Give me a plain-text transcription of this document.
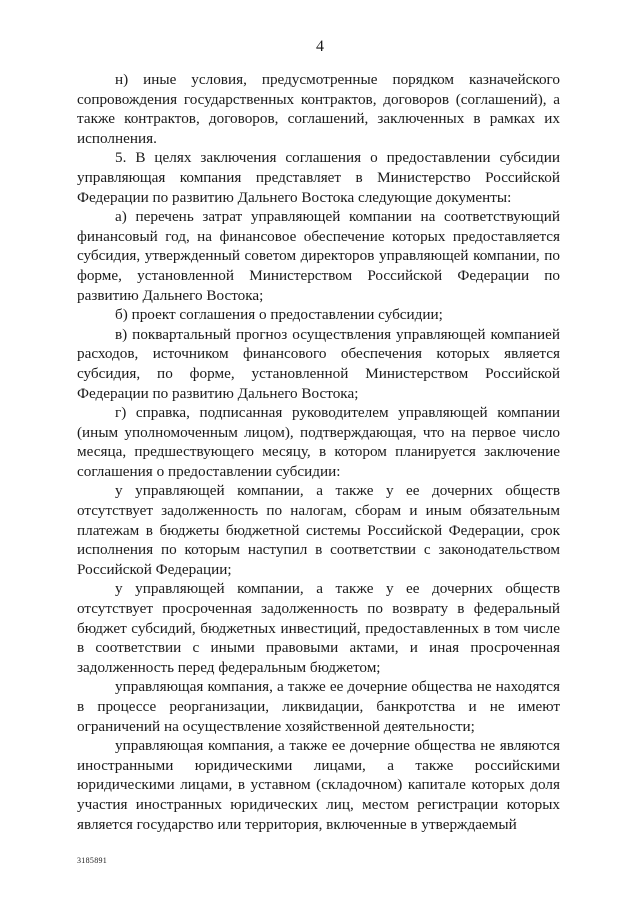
4

н) иные условия, предусмотренные порядком казначейского сопровождения государственных контрактов, договоров (соглашений), а также контрактов, договоров, соглашений, заключенных в рамках их исполнения.

5. В целях заключения соглашения о предоставлении субсидии управляющая компания представляет в Министерство Российской Федерации по развитию Дальнего Востока следующие документы:

а) перечень затрат управляющей компании на соответствующий финансовый год, на финансовое обеспечение которых предоставляется субсидия, утвержденный советом директоров управляющей компании, по форме, установленной Министерством Российской Федерации по развитию Дальнего Востока;

б) проект соглашения о предоставлении субсидии;

в) поквартальный прогноз осуществления управляющей компанией расходов, источником финансового обеспечения которых является субсидия, по форме, установленной Министерством Российской Федерации по развитию Дальнего Востока;

г) справка, подписанная руководителем управляющей компании (иным уполномоченным лицом), подтверждающая, что на первое число месяца, предшествующего месяцу, в котором планируется заключение соглашения о предоставлении субсидии:

у управляющей компании, а также у ее дочерних обществ отсутствует задолженность по налогам, сборам и иным обязательным платежам в бюджеты бюджетной системы Российской Федерации, срок исполнения по которым наступил в соответствии с законодательством Российской Федерации;

у управляющей компании, а также у ее дочерних обществ отсутствует просроченная задолженность по возврату в федеральный бюджет субсидий, бюджетных инвестиций, предоставленных в том числе в соответствии с иными правовыми актами, и иная просроченная задолженность перед федеральным бюджетом;

управляющая компания, а также ее дочерние общества не находятся в процессе реорганизации, ликвидации, банкротства и не имеют ограничений на осуществление хозяйственной деятельности;

управляющая компания, а также ее дочерние общества не являются иностранными юридическими лицами, а также российскими юридическими лицами, в уставном (складочном) капитале которых доля участия иностранных юридических лиц, местом регистрации которых является государство или территория, включенные в утверждаемый

3185891
